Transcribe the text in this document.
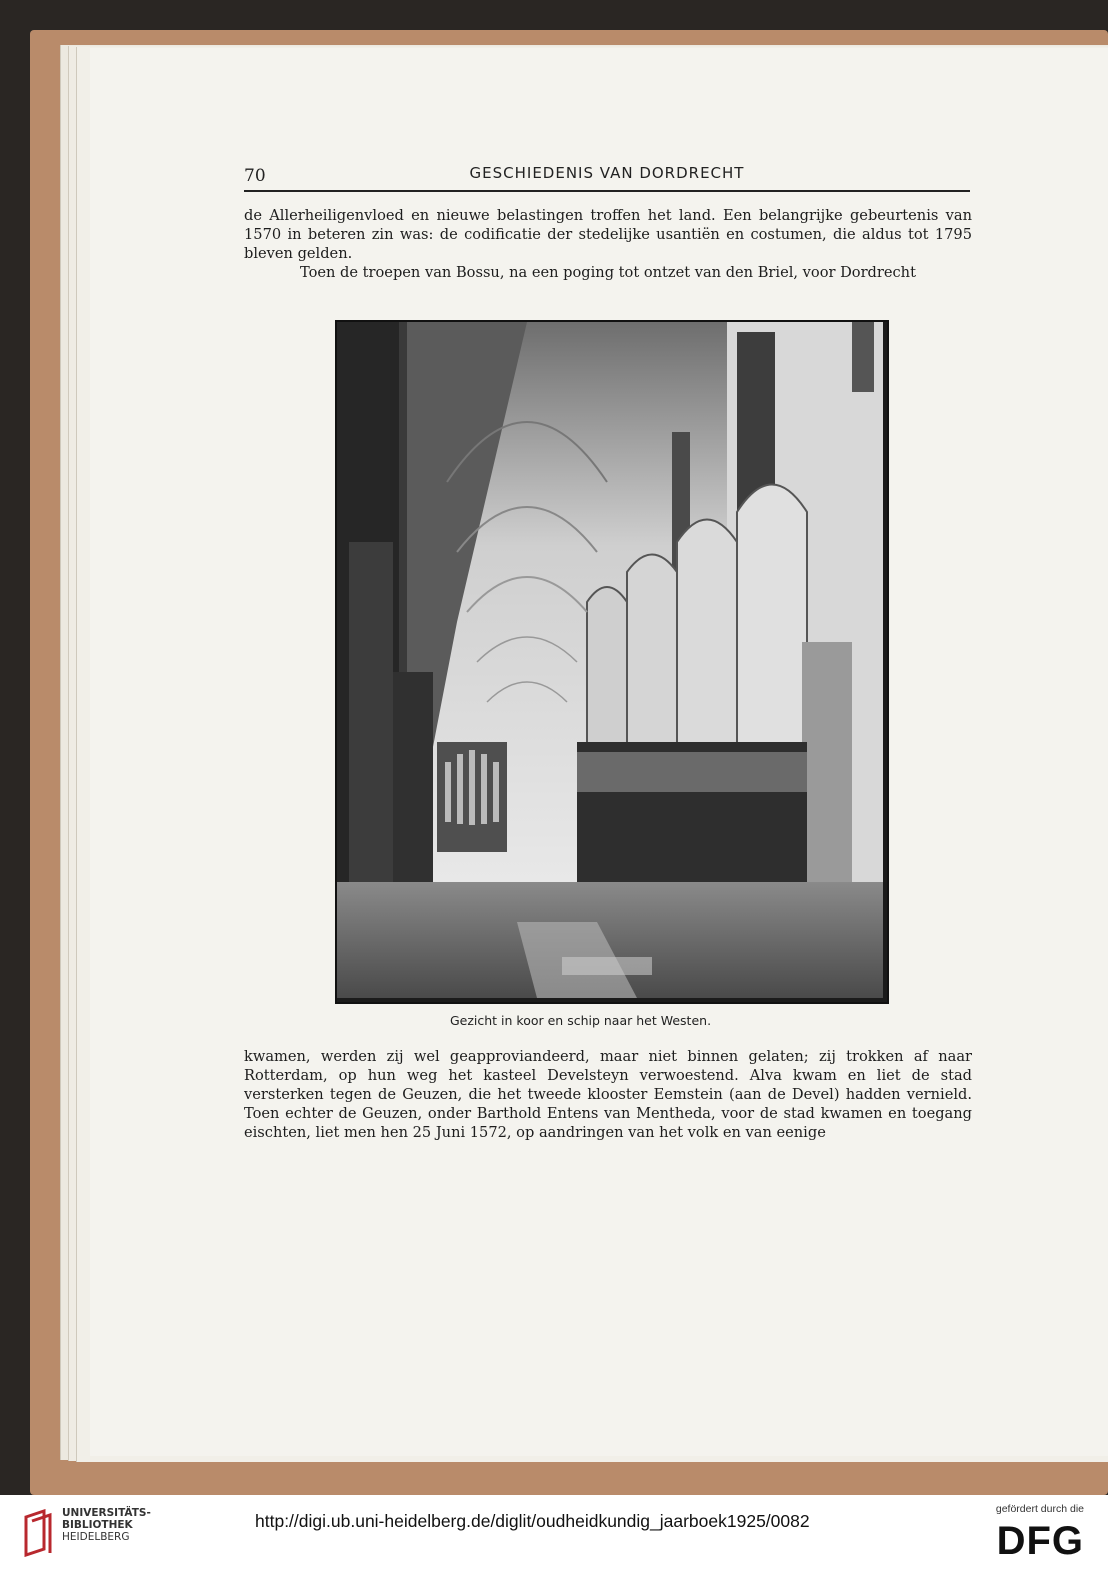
70	GESCHIEDENIS VAN DORDRECHT

de Allerheiligenvloed en nieuwe belastingen troffen het land. Een belangrijke gebeurtenis van 1570 in beteren zin was: de codificatie der stedelijke usantiën en costumen, die aldus tot 1795 bleven gelden.

Toen de troepen van Bossu, na een poging tot ontzet van den Briel, voor Dordrecht

Gezicht in koor en schip naar het Westen.

kwamen, werden zij wel geapproviandeerd, maar niet binnen gelaten; zij trokken af naar Rotterdam, op hun weg het kasteel Develsteyn verwoestend. Alva kwam en liet de stad versterken tegen de Geuzen, die het tweede klooster Eemstein (aan de Devel) hadden vernield. Toen echter de Geuzen, onder Barthold Entens van Mentheda, voor de stad kwamen en toegang eischten, liet men hen 25 Juni 1572, op aandringen van het volk en van eenige

UNIVERSITÄTS-
BIBLIOTHEK
HEIDELBERG
http://digi.ub.uni-heidelberg.de/diglit/oudheidkundig_jaarboek1925/0082
gefördert durch die
DFG
